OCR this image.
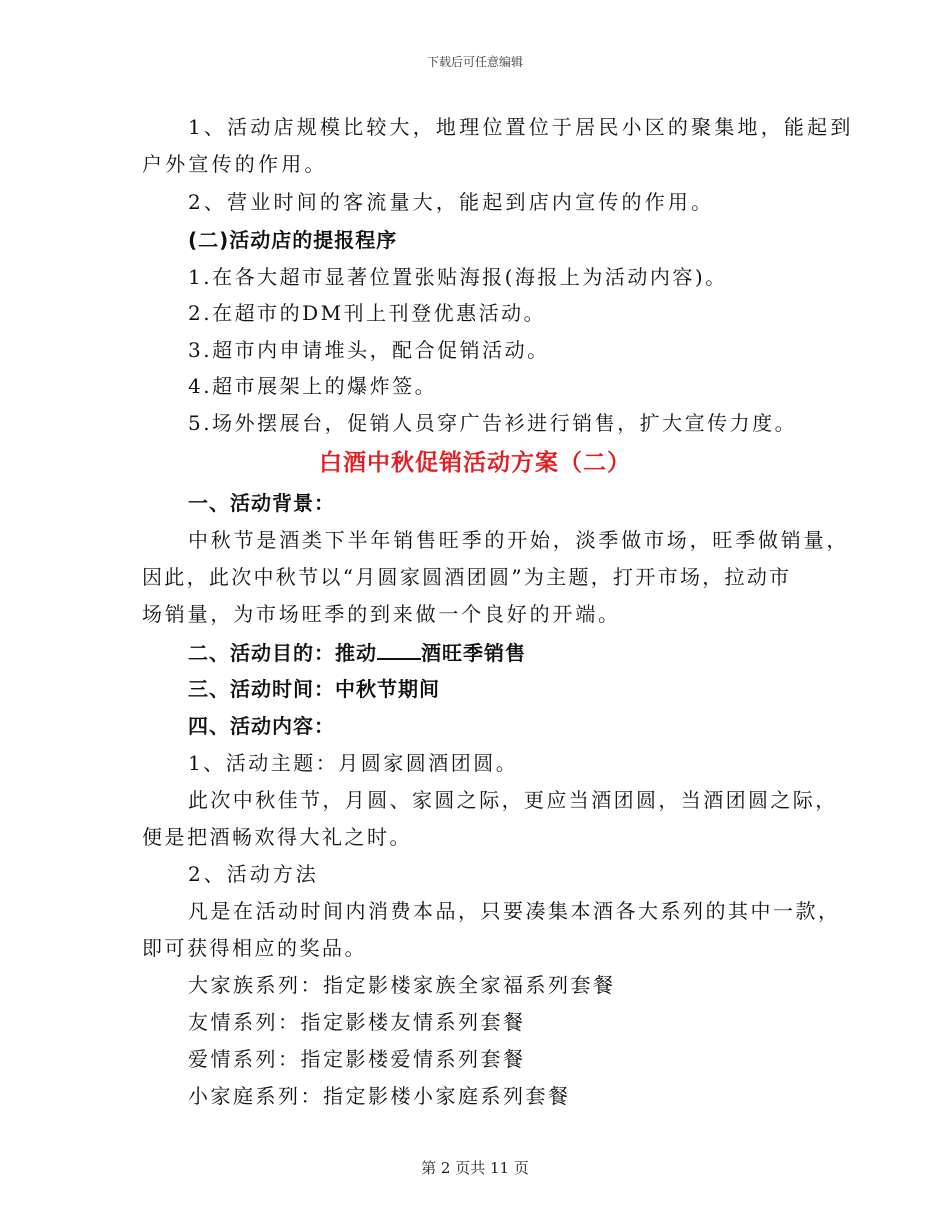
下载后可任意编辑
1、活动店规模比较大，地理位置位于居民小区的聚集地，能起到
户外宣传的作用。
2、营业时间的客流量大，能起到店内宣传的作用。
(二)活动店的提报程序
1.在各大超市显著位置张贴海报(海报上为活动内容)。
2.在超市的DM刊上刊登优惠活动。
3.超市内申请堆头，配合促销活动。
4.超市展架上的爆炸签。
5.场外摆展台，促销人员穿广告衫进行销售，扩大宣传力度。
白酒中秋促销活动方案（二）
一、活动背景：
中秋节是酒类下半年销售旺季的开始，淡季做市场，旺季做销量，
因此，此次中秋节以“月圆家圆酒团圆”为主题，打开市场，拉动市
场销量，为市场旺季的到来做一个良好的开端。
二、活动目的：推动 酒旺季销售
三、活动时间：中秋节期间
四、活动内容：
1、活动主题：月圆家圆酒团圆。
此次中秋佳节，月圆、家圆之际，更应当酒团圆，当酒团圆之际，
便是把酒畅欢得大礼之时。
2、活动方法
凡是在活动时间内消费本品，只要凑集本酒各大系列的其中一款，
即可获得相应的奖品。
大家族系列：指定影楼家族全家福系列套餐
友情系列：指定影楼友情系列套餐
爱情系列：指定影楼爱情系列套餐
小家庭系列：指定影楼小家庭系列套餐
第 2 页共 11 页
